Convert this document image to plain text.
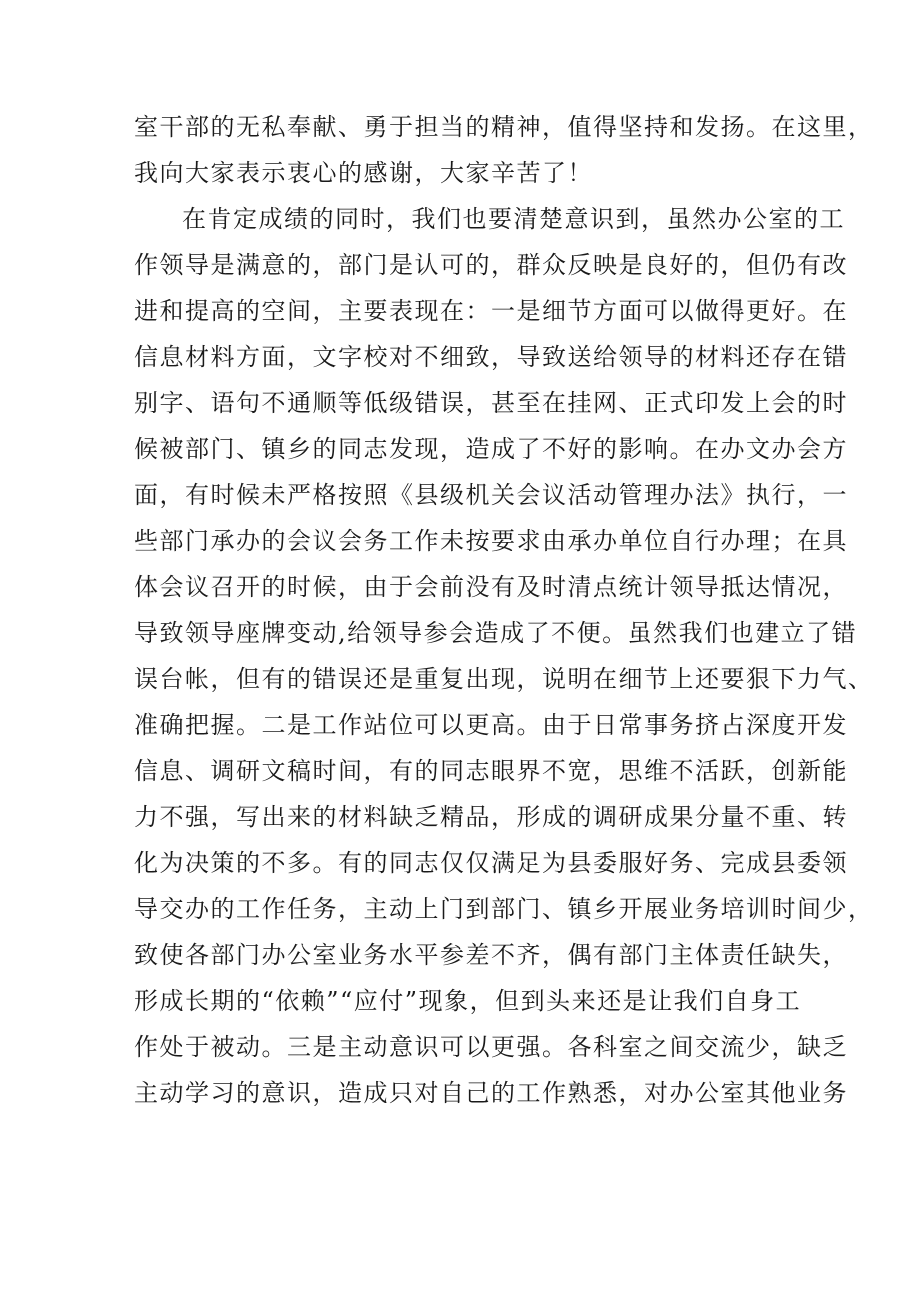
室干部的无私奉献、勇于担当的精神，值得坚持和发扬。在这里，
我向大家表示衷心的感谢，大家辛苦了！
在肯定成绩的同时，我们也要清楚意识到，虽然办公室的工
作领导是满意的，部门是认可的，群众反映是良好的，但仍有改
进和提高的空间，主要表现在：一是细节方面可以做得更好。在
信息材料方面，文字校对不细致，导致送给领导的材料还存在错
别字、语句不通顺等低级错误，甚至在挂网、正式印发上会的时
候被部门、镇乡的同志发现，造成了不好的影响。在办文办会方
面，有时候未严格按照《县级机关会议活动管理办法》执行，一
些部门承办的会议会务工作未按要求由承办单位自行办理；在具
体会议召开的时候，由于会前没有及时清点统计领导抵达情况，
导致领导座牌变动,给领导参会造成了不便。虽然我们也建立了错
误台帐，但有的错误还是重复出现，说明在细节上还要狠下力气、
准确把握。二是工作站位可以更高。由于日常事务挤占深度开发
信息、调研文稿时间，有的同志眼界不宽，思维不活跃，创新能
力不强，写出来的材料缺乏精品，形成的调研成果分量不重、转
化为决策的不多。有的同志仅仅满足为县委服好务、完成县委领
导交办的工作任务，主动上门到部门、镇乡开展业务培训时间少，
致使各部门办公室业务水平参差不齐，偶有部门主体责任缺失，
形成长期的“依赖”“应付”现象，但到头来还是让我们自身工
作处于被动。三是主动意识可以更强。各科室之间交流少，缺乏
主动学习的意识，造成只对自己的工作熟悉，对办公室其他业务
